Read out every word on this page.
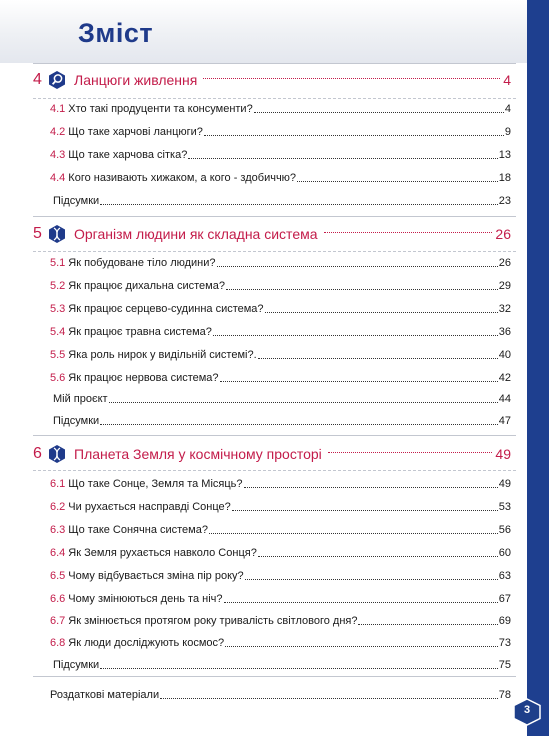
Зміст
4 Ланцюги живлення	4
4.1 Хто такі продуценти та консументи?	4
4.2 Що таке харчові ланцюги?	9
4.3 Що таке харчова сітка?	13
4.4 Кого називають хижаком, а кого - здобиччю?	18
Підсумки	23
5 Організм людини як складна система	26
5.1 Як побудоване тіло людини?	26
5.2 Як працює дихальна система?	29
5.3 Як працює серцево-судинна система?	32
5.4 Як працює травна система?	36
5.5 Яка роль нирок у видільній системі?.	40
5.6 Як працює нервова система?	42
Мій проєкт	44
Підсумки	47
6 Планета Земля у космічному просторі	49
6.1 Що таке Сонце, Земля та Місяць?	49
6.2 Чи рухається насправді Сонце?	53
6.3 Що таке Сонячна система?	56
6.4 Як Земля рухається навколо Сонця?	60
6.5 Чому відбувається зміна пір року?	63
6.6 Чому змінюються день та ніч?	67
6.7 Як змінюється протягом року тривалість світлового дня?	69
6.8 Як люди досліджують космос?	73
Підсумки	75
Роздаткові матеріали	78
3
